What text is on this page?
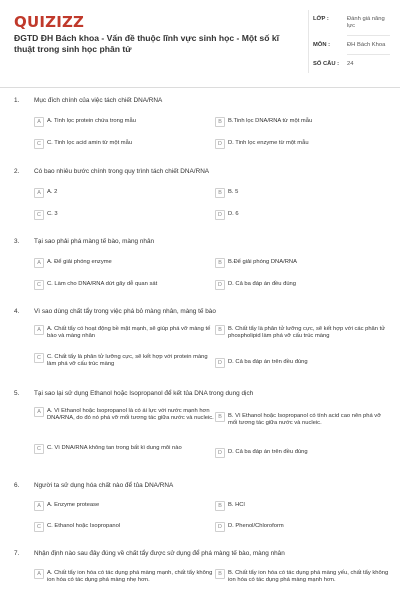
QUIZIZZ
ĐGTD ĐH Bách khoa - Vấn đề thuộc lĩnh vực sinh học - Một số kĩ thuật trong sinh học phân tử
LỚP :	Đánh giá năng lực
MÔN :	ĐH Bách Khoa
SỐ CÂU :	24
1. Mục đích chính của việc tách chiết DNA/RNA
A	A. Tinh lọc protein chứa trong mẫu	B	B.Tinh lọc DNA/RNA từ một mẫu
C	C. Tinh lọc acid amin từ một mẫu	D	D. Tinh lọc enzyme từ một mẫu
2. Có bao nhiêu bước chính trong quy trình tách chiết DNA/RNA
A	A. 2	B	B. 5
C	C. 3	D	D. 6
3. Tại sao phải phá màng tế bào, màng nhân
A	A. Để giải phóng enzyme	B	B.Để giải phóng DNA/RNA
C	C. Làm cho DNA/RNA dứt gãy dễ quan sát	D	D. Cả ba đáp án đều đúng
4. Vì sao dùng chất tẩy trong việc phá bỏ màng nhân, màng tế bào
A	A. Chất tẩy có hoạt động bề mặt mạnh, sẽ giúp phá vỡ màng tế bào và màng nhân
B	B. Chất tẩy là phân tử lưỡng cực, sẽ kết hợp với các phân tử phospholipid làm phá vỡ cấu trúc màng
C	C. Chất tẩy là phân tử lưỡng cực, sẽ kết hợp với protein màng làm phá vỡ cấu trúc màng	D	D. Cả ba đáp án trên đều đúng
5. Tại sao lại sử dụng Ethanol hoặc Isopropanol để kết tủa DNA trong dung dịch
A	A. Vì Ethanol hoặc Isopropanol là có ái lực với nước mạnh hơn DNA/RNA, do đó nó phá vỡ mối tương tác giữa nước và nucleic. B	B. Vì Ethanol hoặc Isopropanol có tính acid cao nên phá vỡ mối tương tác giữa nước và nucleic.
C	C. Vì DNA/RNA không tan trong bất kì dung môi nào
D	D. Cả ba đáp án trên đều đúng
6. Người ta sử dụng hóa chất nào để tủa DNA/RNA
A	A. Enzyme protease	B	B. HCl
C	C. Ethanol hoặc Isopropanol	D	D. Phenol/Chloroform
7. Nhận định nào sau đây đúng về chất tẩy được sử dụng để phá màng tế bào, màng nhân
A	A. Chất tẩy ion hóa có tác dụng phá màng mạnh, chất tẩy không ion hóa có tác dụng phá màng nhẹ hơn.
B	B. Chất tẩy ion hóa có tác dụng phá màng yếu, chất tẩy không ion hóa có tác dụng phá màng mạnh hơn.
